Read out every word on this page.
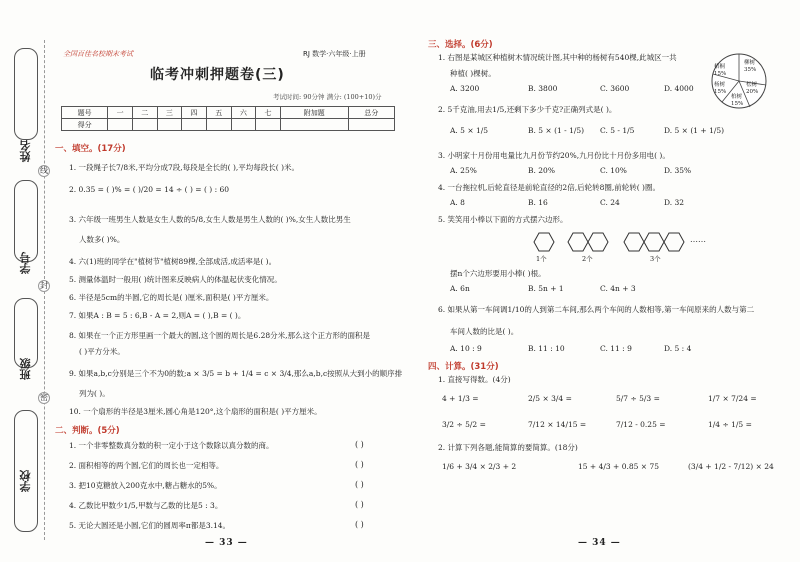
姓名
线
学号
封
班级
密
学校
全国百佳名校期末考试	RJ 数学·六年级·上册
临考冲刺押题卷(三)
考试时间: 90分钟 满分: (100+10)分
题号	一	二	三	四	五	六	七	附加题	总分
得分									
一、填空。(17分)
1. 一段绳子长7/8米,平均分成7段,每段是全长的( ),平均每段长( )米。
2. 0.35 = ( )% = ( )/20 = 14 ÷ ( ) = ( ) : 60
3. 六年级一班男生人数是女生人数的5/8,女生人数是男生人数的( )%,女生人数比男生
人数多( )%。
4. 六(1)班的同学在"植树节"植树89棵,全部成活,成活率是( )。
5. 测量体温时一般用( )统计图来反映病人的体温起伏变化情况。
6. 半径是5cm的半圆,它的周长是( )厘米,面积是( )平方厘米。
7. 如果A : B = 5 : 6,B - A = 2,则A = ( ),B = ( )。
8. 如果在一个正方形里画一个最大的圆,这个圆的周长是6.28分米,那么这个正方形的面积是
( )平方分米。
9. 如果a,b,c分别是三个不为0的数;a × 3/5 = b + 1/4 = c × 3/4,那么a,b,c按照从大到小的顺序排
列为( )。
10. 一个扇形的半径是3厘米,圆心角是120°,这个扇形的面积是( )平方厘米。
二、判断。(5分)
1. 一个非零整数真分数的积一定小于这个数除以真分数的商。	( )
2. 面积相等的两个圆,它们的周长也一定相等。	( )
3. 把10克糖放入200克水中,糖占糖水的5%。	( )
4. 乙数比甲数少1/5,甲数与乙数的比是5 : 3。	( )
5. 无论大圆还是小圆,它们的圆周率π都是3.14。	( )
— 33 —
三、选择。(6分)
1. 右图是某城区种植树木情况统计图,其中种的杨树有540棵,此城区一共
种植( )棵树。
A. 3200	B. 3800	C. 3600	D. 4000
柳树 35%
松树 20%
柏树 15%
杨树 15%
梧桐 15%
2. 5千克油,用去1/5,还剩下多少千克?正确列式是( )。
A. 5 × 1/5	B. 5 × (1 - 1/5) C. 5 - 1/5	D. 5 × (1 + 1/5)
3. 小明家十月份用电量比九月份节约20%,九月份比十月份多用电( )。
A. 25%	B. 20%	C. 10%	D. 35%
4. 一台拖拉机,后轮直径是前轮直径的2倍,后轮转8圈,前轮转( )圈。
A. 8	B. 16	C. 24	D. 32
5. 笑笑用小棒以下面的方式摆六边形。
……
1个	2个	3个
摆n个六边形要用小棒( )根。
A. 6n	B. 5n + 1	C. 4n + 3
6. 如果从第一车间调1/10的人到第二车间,那么两个车间的人数相等,第一车间原来的人数与第二
车间人数的比是( )。
A. 10 : 9	B. 11 : 10	C. 11 : 9	D. 5 : 4
四、计算。(31分)
1. 直接写得数。(4分)
4 + 1/3 =	2/5 × 3/4 =	5/7 ÷ 5/3 =	1/7 × 7/24 =
3/2 ÷ 5/2 =	7/12 × 14/15 =	7/12 - 0.25 =	1/4 ÷ 1/5 =
2. 计算下列各题,能简算的要简算。(18分)
1/6 + 3/4 × 2/3 + 2	15 + 4/3 + 0.85 × 75	(3/4 + 1/2 - 7/12) × 24
— 34 —
